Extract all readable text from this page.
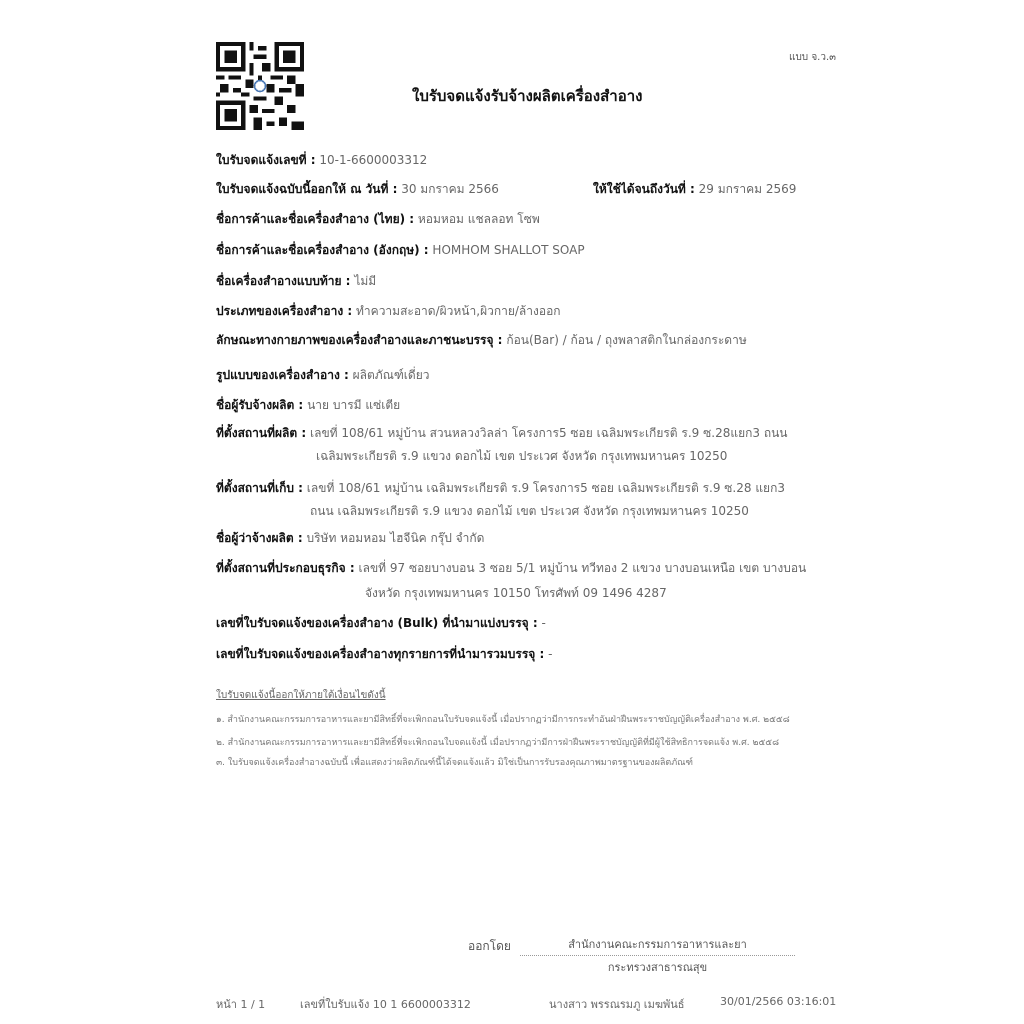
แบบ จ.ว.๓
ใบรับจดแจ้งรับจ้างผลิตเครื่องสำอาง
ใบรับจดแจ้งเลขที่ : 10-1-6600003312
ใบรับจดแจ้งฉบับนี้ออกให้ ณ วันที่ : 30 มกราคม 2566	ให้ใช้ได้จนถึงวันที่ : 29 มกราคม 2569
ชื่อการค้าและชื่อเครื่องสำอาง (ไทย) : หอมหอม แชลลอท โซพ
ชื่อการค้าและชื่อเครื่องสำอาง (อังกฤษ) : HOMHOM SHALLOT SOAP
ชื่อเครื่องสำอางแบบท้าย : ไม่มี
ประเภทของเครื่องสำอาง : ทำความสะอาด/ผิวหน้า,ผิวกาย/ล้างออก
ลักษณะทางกายภาพของเครื่องสำอางและภาชนะบรรจุ : ก้อน(Bar) / ก้อน / ถุงพลาสติกในกล่องกระดาษ
รูปแบบของเครื่องสำอาง : ผลิตภัณฑ์เดี่ยว
ชื่อผู้รับจ้างผลิต : นาย บารมี แซ่เตีย
ที่ตั้งสถานที่ผลิต : เลขที่ 108/61 หมู่บ้าน สวนหลวงวิลล่า โครงการ5 ซอย เฉลิมพระเกียรติ ร.9 ซ.28แยก3 ถนน
เฉลิมพระเกียรติ ร.9 แขวง ดอกไม้ เขต ประเวศ จังหวัด กรุงเทพมหานคร 10250
ที่ตั้งสถานที่เก็บ : เลขที่ 108/61 หมู่บ้าน เฉลิมพระเกียรติ ร.9 โครงการ5 ซอย เฉลิมพระเกียรติ ร.9 ซ.28 แยก3
ถนน เฉลิมพระเกียรติ ร.9 แขวง ดอกไม้ เขต ประเวศ จังหวัด กรุงเทพมหานคร 10250
ชื่อผู้ว่าจ้างผลิต : บริษัท หอมหอม ไฮจีนิค กรุ๊ป จำกัด
ที่ตั้งสถานที่ประกอบธุรกิจ : เลขที่ 97 ซอยบางบอน 3 ซอย 5/1 หมู่บ้าน ทวีทอง 2 แขวง บางบอนเหนือ เขต บางบอน
จังหวัด กรุงเทพมหานคร 10150 โทรศัพท์ 09 1496 4287
เลขที่ใบรับจดแจ้งของเครื่องสำอาง (Bulk) ที่นำมาแบ่งบรรจุ : -
เลขที่ใบรับจดแจ้งของเครื่องสำอางทุกรายการที่นำมารวมบรรจุ : -
ใบรับจดแจ้งนี้ออกให้ภายใต้เงื่อนไขดังนี้
๑. สำนักงานคณะกรรมการอาหารและยามีสิทธิ์ที่จะเพิกถอนใบรับจดแจ้งนี้ เมื่อปรากฏว่ามีการกระทำอันฝ่าฝืนพระราชบัญญัติเครื่องสำอาง พ.ศ. ๒๕๕๘
๒. สำนักงานคณะกรรมการอาหารและยามีสิทธิ์ที่จะเพิกถอนใบจดแจ้งนี้ เมื่อปรากฏว่ามีการฝ่าฝืนพระราชบัญญัติที่มีผู้ใช้สิทธิการจดแจ้ง พ.ศ. ๒๕๕๘
๓. ใบรับจดแจ้งเครื่องสำอางฉบับนี้ เพื่อแสดงว่าผลิตภัณฑ์นี้ได้จดแจ้งแล้ว มิใช่เป็นการรับรองคุณภาพมาตรฐานของผลิตภัณฑ์
ออกโดย	สำนักงานคณะกรรมการอาหารและยา
กระทรวงสาธารณสุข
หน้า 1 / 1	เลขที่ใบรับแจ้ง 10 1 6600003312	นางสาว พรรณรมภู เมฆพันธ์	30/01/2566 03:16:01
